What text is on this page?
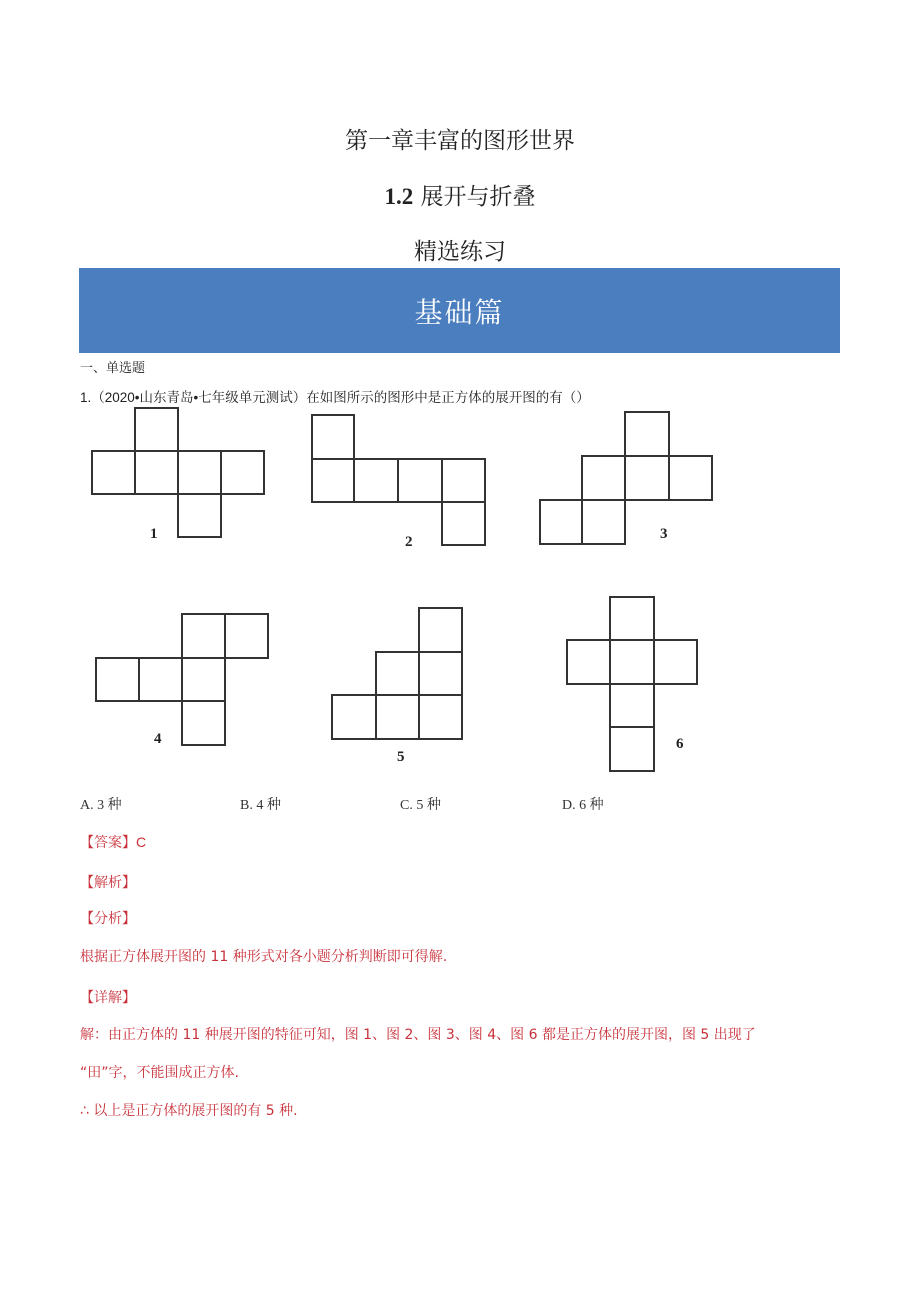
第一章丰富的图形世界
1.2 展开与折叠
精选练习
基础篇
一、单选题
1.（2020•山东青岛•七年级单元测试）在如图所示的图形中是正方体的展开图的有（）
1	2	3
4
5
6
A. 3 种	B. 4 种	C. 5 种	D. 6 种
【答案】C
【解析】
【分析】
根据正方体展开图的 11 种形式对各小题分析判断即可得解.
【详解】
解：由正方体的 11 种展开图的特征可知，图 1、图 2、图 3、图 4、图 6 都是正方体的展开图，图 5 出现了
“田”字，不能围成正方体.
∴ 以上是正方体的展开图的有 5 种.
